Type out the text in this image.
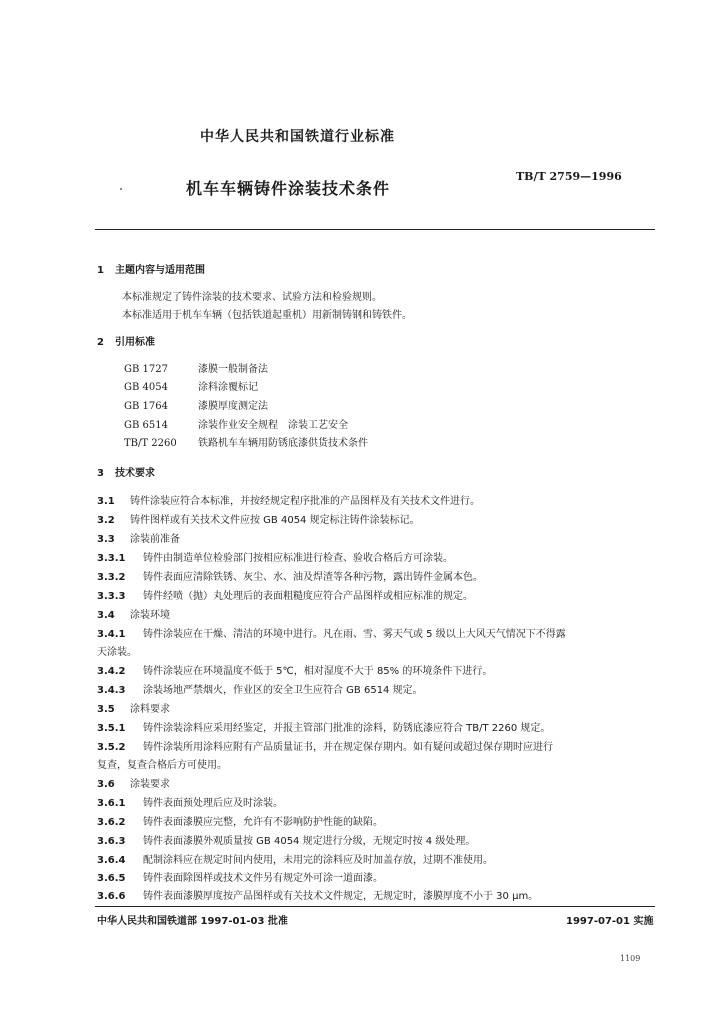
中华人民共和国铁道行业标准
机车车辆铸件涂装技术条件
TB/T 2759—1996
1 主题内容与适用范围
本标准规定了铸件涂装的技术要求、试验方法和检验规则。
本标准适用于机车车辆（包括铁道起重机）用新制铸钢和铸铁件。
2 引用标准
GB 1727	漆膜一般制备法
GB 4054	涂料涂覆标记
GB 1764	漆膜厚度测定法
GB 6514	涂装作业安全规程　涂装工艺安全
TB/T 2260 铁路机车车辆用防锈底漆供货技术条件
3 技术要求
3.1 铸件涂装应符合本标准，并按经规定程序批准的产品图样及有关技术文件进行。
3.2 铸件图样或有关技术文件应按 GB 4054 规定标注铸件涂装标记。
3.3 涂装前准备
3.3.1 铸件由制造单位检验部门按相应标准进行检查、验收合格后方可涂装。
3.3.2 铸件表面应清除铁锈、灰尘、水、油及焊渣等各种污物，露出铸件金属本色。
3.3.3 铸件经喷（抛）丸处理后的表面粗糙度应符合产品图样或相应标准的规定。
3.4 涂装环境
3.4.1 铸件涂装应在干燥、清洁的环境中进行。凡在雨、雪、雾天气或 5 级以上大风天气情况下不得露
天涂装。
3.4.2 铸件涂装应在环境温度不低于 5℃，相对湿度不大于 85% 的环境条件下进行。
3.4.3 涂装场地严禁烟火，作业区的安全卫生应符合 GB 6514 规定。
3.5 涂料要求
3.5.1 铸件涂装涂料应采用经鉴定，并报主管部门批准的涂料，防锈底漆应符合 TB/T 2260 规定。
3.5.2 铸件涂装所用涂料应附有产品质量证书，并在规定保存期内。如有疑问或超过保存期时应进行
复查，复查合格后方可使用。
3.6 涂装要求
3.6.1 铸件表面预处理后应及时涂装。
3.6.2 铸件表面漆膜应完整，允许有不影响防护性能的缺陷。
3.6.3 铸件表面漆膜外观质量按 GB 4054 规定进行分级，无规定时按 4 级处理。
3.6.4 配制涂料应在规定时间内使用，未用完的涂料应及时加盖存放，过期不准使用。
3.6.5 铸件表面除图样或技术文件另有规定外可涂一道面漆。
3.6.6 铸件表面漆膜厚度按产品图样或有关技术文件规定，无规定时，漆膜厚度不小于 30 μm。
中华人民共和国铁道部 1997-01-03 批准	1997-07-01 实施
1109
